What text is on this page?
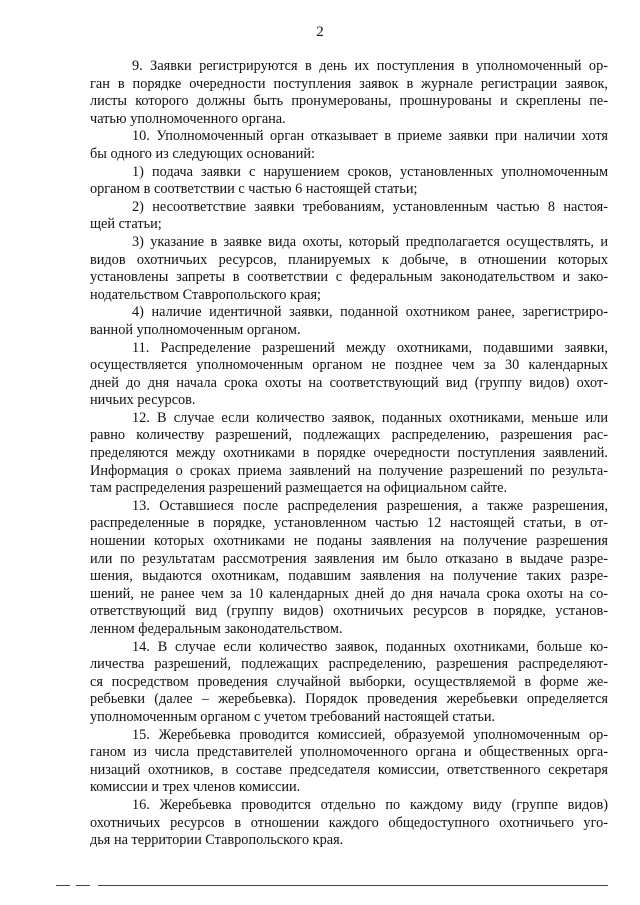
2

9. Заявки регистрируются в день их поступления в уполномоченный ор-

ган в порядке очередности поступления заявок в журнале регистрации заявок,

листы которого должны быть пронумерованы, прошнурованы и скреплены пе-

чатью уполномоченного органа.

10. Уполномоченный орган отказывает в приеме заявки при наличии хотя

бы одного из следующих оснований:

1) подача заявки с нарушением сроков, установленных уполномоченным

органом в соответствии с частью 6 настоящей статьи;

2) несоответствие заявки требованиям, установленным частью 8 настоя-

щей статьи;

3) указание в заявке вида охоты, который предполагается осуществлять, и

видов охотничьих ресурсов, планируемых к добыче, в отношении которых

установлены запреты в соответствии с федеральным законодательством и зако-

нодательством Ставропольского края;

4) наличие идентичной заявки, поданной охотником ранее, зарегистриро-

ванной уполномоченным органом.

11. Распределение разрешений между охотниками, подавшими заявки,

осуществляется уполномоченным органом не позднее чем за 30 календарных

дней до дня начала срока охоты на соответствующий вид (группу видов) охот-

ничьих ресурсов.

12. В случае если количество заявок, поданных охотниками, меньше или

равно количеству разрешений, подлежащих распределению, разрешения рас-

пределяются между охотниками в порядке очередности поступления заявлений.

Информация о сроках приема заявлений на получение разрешений по результа-

там распределения разрешений размещается на официальном сайте.

13. Оставшиеся после распределения разрешения, а также разрешения,

распределенные в порядке, установленном частью 12 настоящей статьи, в от-

ношении которых охотниками не поданы заявления на получение разрешения

или по результатам рассмотрения заявления им было отказано в выдаче разре-

шения, выдаются охотникам, подавшим заявления на получение таких разре-

шений, не ранее чем за 10 календарных дней до дня начала срока охоты на со-

ответствующий вид (группу видов) охотничьих ресурсов в порядке, установ-

ленном федеральным законодательством.

14. В случае если количество заявок, поданных охотниками, больше ко-

личества разрешений, подлежащих распределению, разрешения распределяют-

ся посредством проведения случайной выборки, осуществляемой в форме же-

ребьевки (далее – жеребьевка). Порядок проведения жеребьевки определяется

уполномоченным органом с учетом требований настоящей статьи.

15. Жеребьевка проводится комиссией, образуемой уполномоченным ор-

ганом из числа представителей уполномоченного органа и общественных орга-

низаций охотников, в составе председателя комиссии, ответственного секретаря

комиссии и трех членов комиссии.

16. Жеребьевка проводится отдельно по каждому виду (группе видов)

охотничьих ресурсов в отношении каждого общедоступного охотничьего уго-

дья на территории Ставропольского края.
